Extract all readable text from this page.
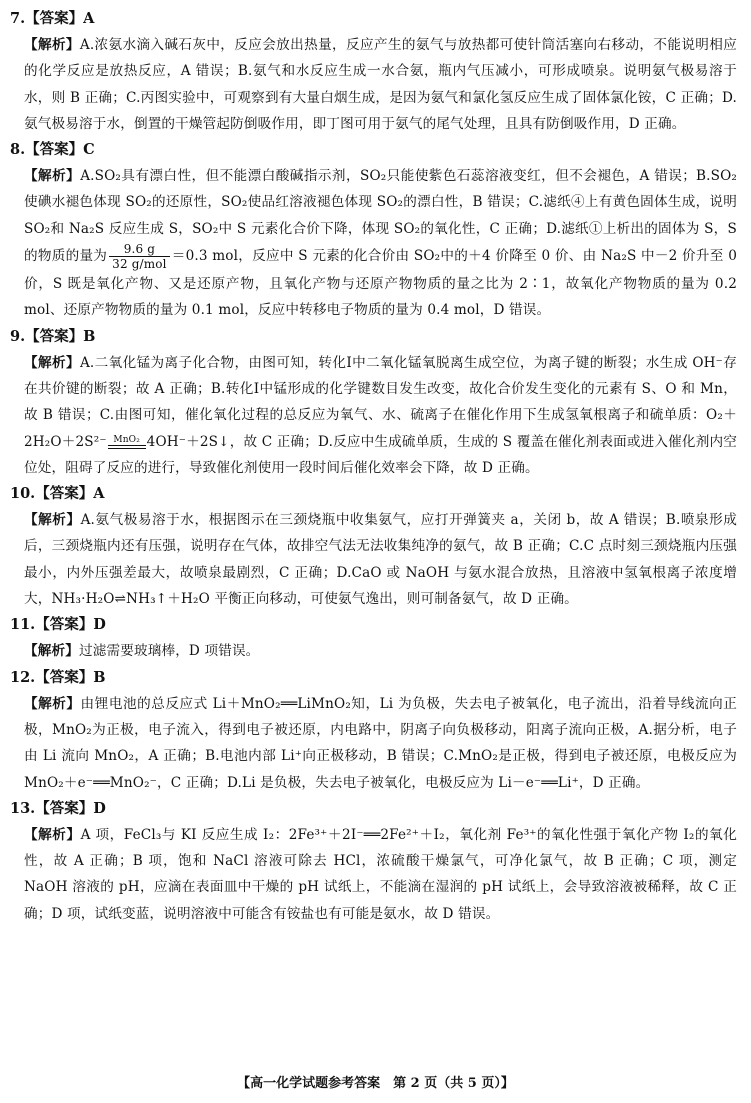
7.【答案】A
【解析】A.浓氨水滴入碱石灰中，反应会放出热量，反应产生的氨气与放热都可使针筒活塞向右移动，不能说明相应的化学反应是放热反应，A 错误；B.氨气和水反应生成一水合氨，瓶内气压减小，可形成喷泉。说明氨气极易溶于水，则 B 正确；C.丙图实验中，可观察到有大量白烟生成，是因为氨气和氯化氢反应生成了固体氯化铵，C 正确；D.氨气极易溶于水，倒置的干燥管起防倒吸作用，即丁图可用于氨气的尾气处理，且具有防倒吸作用，D 正确。
8.【答案】C
【解析】A.SO₂具有漂白性，但不能漂白酸碱指示剂，SO₂只能使紫色石蕊溶液变红，但不会褪色，A 错误；B.SO₂使碘水褪色体现 SO₂的还原性，SO₂使品红溶液褪色体现 SO₂的漂白性，B 错误；C.滤纸④上有黄色固体生成，说明 SO₂和 Na₂S 反应生成 S，SO₂中 S 元素化合价下降，体现 SO₂的氧化性，C 正确；D.滤纸①上析出的固体为 S，S 的物质的量为 $\frac{9.6 g}{\text{32 g/mol}} =0.3$ mol，反应中 S 元素的化合价由 SO₂中的＋4 价降至 0 价、由 Na₂S 中－2 价升至 0 价，S 既是氧化产物、又是还原产物，且氧化产物与还原产物物质的量之比为 2∶1，故氧化产物物质的量为 0.2 mol、还原产物物质的量为 0.1 mol，反应中转移电子物质的量为 0.4 mol，D 错误。
9.【答案】B
【解析】A.二氧化锰为离子化合物，由图可知，转化Ⅰ中二氧化锰氧脱离生成空位，为离子键的断裂；水生成 OH⁻存在共价键的断裂；故 A 正确；B.转化Ⅰ中锰形成的化学键数目发生改变，故化合价发生变化的元素有 S、O 和 Mn，故 B 错误；C.由图可知，催化氧化过程的总反应为氧气、水、硫离子在催化作用下生成氢氧根离子和硫单质：O₂＋2H₂O＋2S²⁻ MnO₂ 4OH⁻＋2S↓，故 C 正确；D.反应中生成硫单质，生成的 S 覆盖在催化剂表面或进入催化剂内空位处，阻碍了反应的进行，导致催化剂使用一段时间后催化效率会下降，故 D 正确。
10.【答案】A
【解析】A.氨气极易溶于水，根据图示在三颈烧瓶中收集氨气，应打开弹簧夹 a，关闭 b，故 A 错误；B.喷泉形成后，三颈烧瓶内还有压强，说明存在气体，故排空气法无法收集纯净的氨气，故 B 正确；C.C 点时刻三颈烧瓶内压强最小，内外压强差最大，故喷泉最剧烈，C 正确；D.CaO 或 NaOH 与氨水混合放热，且溶液中氢氧根离子浓度增大，NH₃·H₂O⇌NH₃↑＋H₂O 平衡正向移动，可使氨气逸出，则可制备氨气，故 D 正确。
11.【答案】D
【解析】过滤需要玻璃棒，D 项错误。
12.【答案】B
【解析】由锂电池的总反应式 Li＋MnO₂══LiMnO₂知，Li 为负极，失去电子被氧化，电子流出，沿着导线流向正极，MnO₂为正极，电子流入，得到电子被还原，内电路中，阴离子向负极移动，阳离子流向正极，A.据分析，电子由 Li 流向 MnO₂，A 正确；B.电池内部 Li⁺向正极移动，B 错误；C.MnO₂是正极，得到电子被还原，电极反应为 MnO₂＋e⁻══MnO₂⁻，C 正确；D.Li 是负极，失去电子被氧化，电极反应为 Li－e⁻══Li⁺，D 正确。
13.【答案】D
【解析】A 项，FeCl₃与 KI 反应生成 I₂：2Fe³⁺＋2I⁻══2Fe²⁺＋I₂，氧化剂 Fe³⁺的氧化性强于氧化产物 I₂的氧化性，故 A 正确；B 项，饱和 NaCl 溶液可除去 HCl，浓硫酸干燥氯气，可净化氯气，故 B 正确；C 项，测定 NaOH 溶液的 pH，应滴在表面皿中干燥的 pH 试纸上，不能滴在湿润的 pH 试纸上，会导致溶液被稀释，故 C 正确；D 项，试纸变蓝，说明溶液中可能含有铵盐也有可能是氨水，故 D 错误。
【高一化学试题参考答案　第 2 页（共 5 页）】
